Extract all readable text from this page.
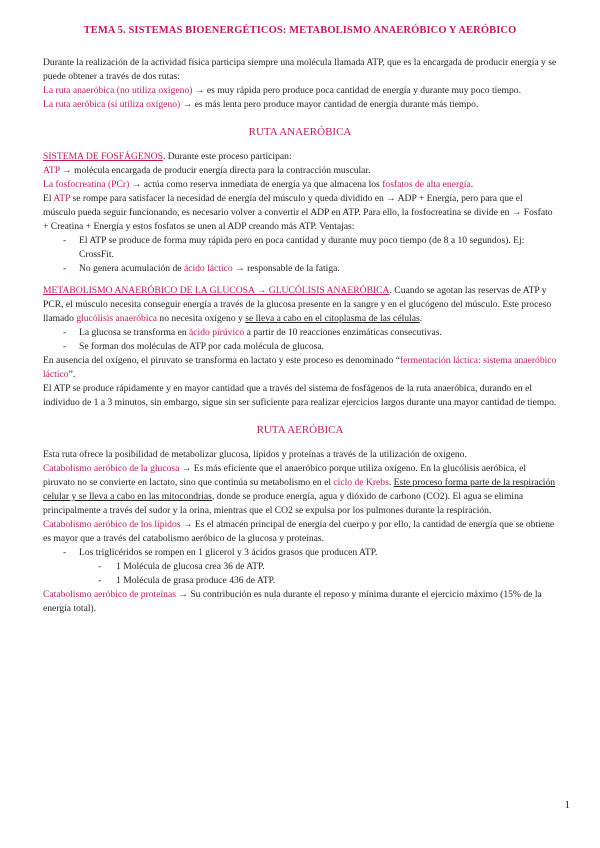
TEMA 5. SISTEMAS BIOENERGÉTICOS: METABOLISMO ANAERÓBICO Y AERÓBICO

Durante la realización de la actividad física participa siempre una molécula llamada ATP, que es la encargada de producir energía y se puede obtener a través de dos rutas:

La ruta anaeróbica (no utiliza oxígeno) → es muy rápida pero produce poca cantidad de energía y durante muy poco tiempo.

La ruta aeróbica (sí utiliza oxígeno) → es más lenta pero produce mayor cantidad de energía durante más tiempo.

RUTA ANAERÓBICA

SISTEMA DE FOSFÁGENOS. Durante este proceso participan:

ATP → molécula encargada de producir energía directa para la contracción muscular.

La fosfocreatina (PCr) → actúa como reserva inmediata de energía ya que almacena los fosfatos de alta energía.

El ATP se rompe para satisfacer la necesidad de energía del músculo y queda dividido en → ADP + Energía, pero para que el músculo pueda seguir funcionando, es necesario volver a convertir el ADP en ATP. Para ello, la fosfocreatina se divide en → Fosfato + Creatina + Energía y estos fosfatos se unen al ADP creando más ATP. Ventajas:

- El ATP se produce de forma muy rápida pero en poca cantidad y durante muy poco tiempo (de 8 a 10 segundos). Ej: CrossFit.
- No genera acumulación de ácido láctico → responsable de la fatiga.

METABOLISMO ANAERÓBICO DE LA GLUCOSA → GLUCÓLISIS ANAERÓBICA. Cuando se agotan las reservas de ATP y PCR, el músculo necesita conseguir energía a través de la glucosa presente en la sangre y en el glucógeno del músculo. Este proceso llamado glucólisis anaeróbica no necesita oxígeno y se lleva a cabo en el citoplasma de las células.

- La glucosa se transforma en ácido pirúvico a partir de 10 reacciones enzimáticas consecutivas.
- Se forman dos moléculas de ATP por cada molécula de glucosa.

En ausencia del oxígeno, el piruvato se transforma en lactato y este proceso es denominado “fermentación láctica: sistema anaeróbico láctico”.

El ATP se produce rápidamente y en mayor cantidad que a través del sistema de fosfágenos de la ruta anaeróbica, durando en el individuo de 1 a 3 minutos, sin embargo, sigue sin ser suficiente para realizar ejercicios largos durante una mayor cantidad de tiempo.

RUTA AERÓBICA

Esta ruta ofrece la posibilidad de metabolizar glucosa, lípidos y proteínas a través de la utilización de oxígeno.

Catabolismo aeróbico de la glucosa → Es más eficiente que el anaeróbico porque utiliza oxígeno. En la glucólisis aeróbica, el piruvato no se convierte en lactato, sino que continúa su metabolismo en el ciclo de Krebs. Este proceso forma parte de la respiración celular y se lleva a cabo en las mitocondrias, donde se produce energía, agua y dióxido de carbono (CO2). El agua se elimina principalmente a través del sudor y la orina, mientras que el CO2 se expulsa por los pulmones durante la respiración.

Catabolismo aeróbico de los lípidos → Es el almacén principal de energía del cuerpo y por ello, la cantidad de energía que se obtiene es mayor que a través del catabolismo aeróbico de la glucosa y proteínas.

- Los triglicéridos se rompen en 1 glicerol y 3 ácidos grasos que producen ATP.
- 1 Molécula de glucosa crea 36 de ATP.
- 1 Molécula de grasa produce 436 de ATP.

Catabolismo aeróbico de proteínas → Su contribución es nula durante el reposo y mínima durante el ejercicio máximo (15% de la energía total).

1
